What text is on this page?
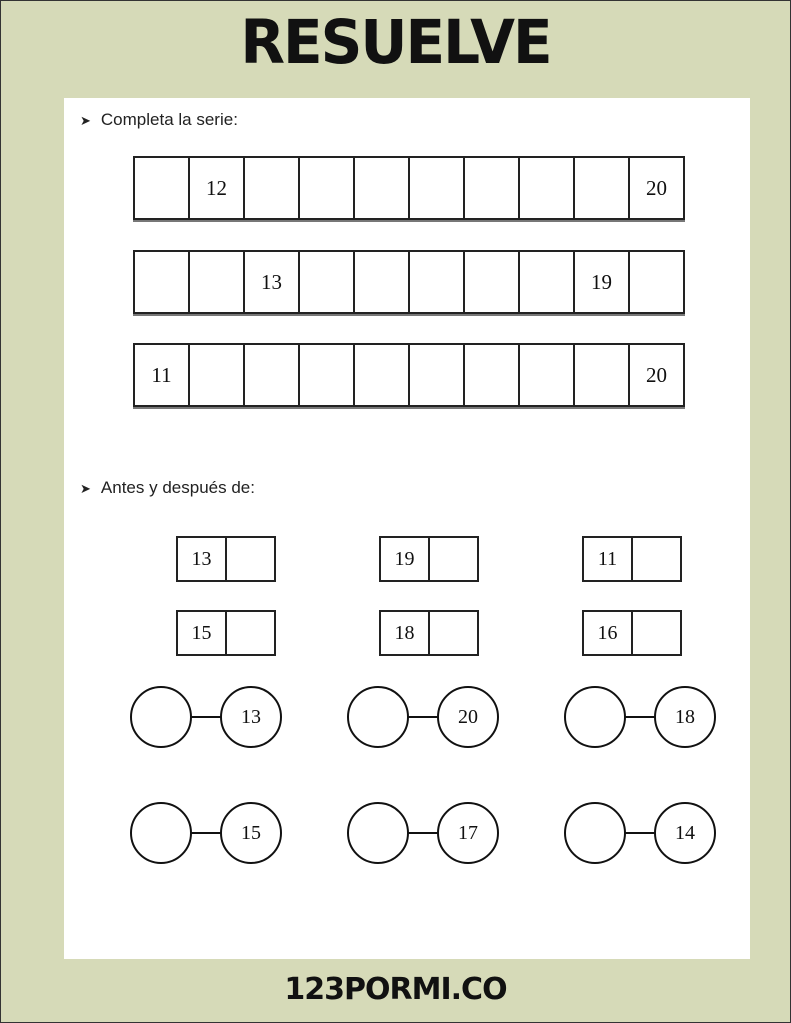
RESUELVE
➤ Completa la serie:
12	20
13	19
11	20
➤ Antes y después de:
13	19	11
15	18	16
13	20	18
15	17	14
123PORMI.CO
